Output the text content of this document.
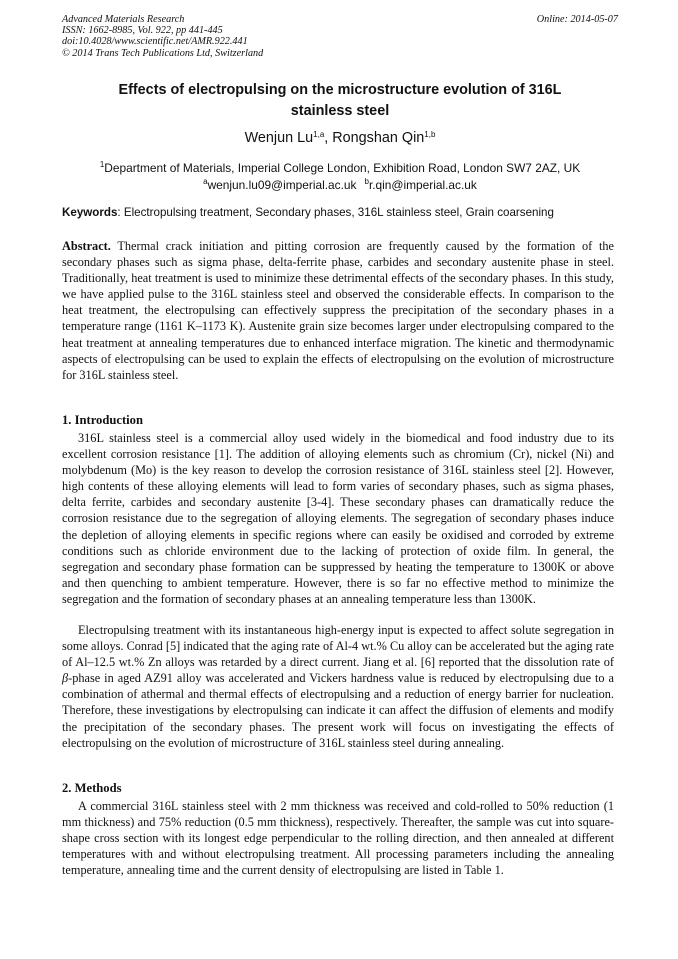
Advanced Materials Research
ISSN: 1662-8985, Vol. 922, pp 441-445
doi:10.4028/www.scientific.net/AMR.922.441
© 2014 Trans Tech Publications Ltd, Switzerland
Online: 2014-05-07
Effects of electropulsing on the microstructure evolution of 316L
stainless steel
Wenjun Lu$^{1,a}$, Rongshan Qin$^{1,b}$
$^1$Department of Materials, Imperial College London, Exhibition Road, London SW7 2AZ, UK
$^a$wenjun.lu09@imperial.ac.uk $^b$r.qin@imperial.ac.uk
Keywords: Electropulsing treatment, Secondary phases, 316L stainless steel, Grain coarsening
Abstract. Thermal crack initiation and pitting corrosion are frequently caused by the formation of the secondary phases such as sigma phase, delta-ferrite phase, carbides and secondary austenite phase in steel. Traditionally, heat treatment is used to minimize these detrimental effects of the secondary phases. In this study, we have applied pulse to the 316L stainless steel and observed the considerable effects. In comparison to the heat treatment, the electropulsing can effectively suppress the precipitation of the secondary phases in a temperature range (1161 K–1173 K). Austenite grain size becomes larger under electropulsing compared to the heat treatment at annealing temperatures due to enhanced interface migration. The kinetic and thermodynamic aspects of electropulsing can be used to explain the effects of electropulsing on the evolution of microstructure for 316L stainless steel.
1. Introduction
316L stainless steel is a commercial alloy used widely in the biomedical and food industry due to its excellent corrosion resistance [1]. The addition of alloying elements such as chromium (Cr), nickel (Ni) and molybdenum (Mo) is the key reason to develop the corrosion resistance of 316L stainless steel [2]. However, high contents of these alloying elements will lead to form varies of secondary phases, such as sigma phases, delta ferrite, carbides and secondary austenite [3-4]. These secondary phases can dramatically reduce the corrosion resistance due to the segregation of alloying elements. The segregation of secondary phases induce the depletion of alloying elements in specific regions where can easily be oxidised and corroded by extreme conditions such as chloride environment due to the lacking of protection of oxide film. In general, the segregation and secondary phase formation can be suppressed by heating the temperature to 1300K or above and then quenching to ambient temperature. However, there is so far no effective method to minimize the segregation and the formation of secondary phases at an annealing temperature less than 1300K.
Electropulsing treatment with its instantaneous high-energy input is expected to affect solute segregation in some alloys. Conrad [5] indicated that the aging rate of Al-4 wt.% Cu alloy can be accelerated but the aging rate of Al–12.5 wt.% Zn alloys was retarded by a direct current. Jiang et al. [6] reported that the dissolution rate of β-phase in aged AZ91 alloy was accelerated and Vickers hardness value is reduced by electropulsing due to a combination of athermal and thermal effects of electropulsing and a reduction of energy barrier for nucleation. Therefore, these investigations by electropulsing can indicate it can affect the diffusion of elements and modify the precipitation of the secondary phases. The present work will focus on investigating the effects of electropulsing on the evolution of microstructure of 316L stainless steel during annealing.
2. Methods
A commercial 316L stainless steel with 2 mm thickness was received and cold-rolled to 50% reduction (1 mm thickness) and 75% reduction (0.5 mm thickness), respectively. Thereafter, the sample was cut into square-shape cross section with its longest edge perpendicular to the rolling direction, and then annealed at different temperatures with and without electropulsing treatment. All processing parameters including the annealing temperature, annealing time and the current density of electropulsing are listed in Table 1.
